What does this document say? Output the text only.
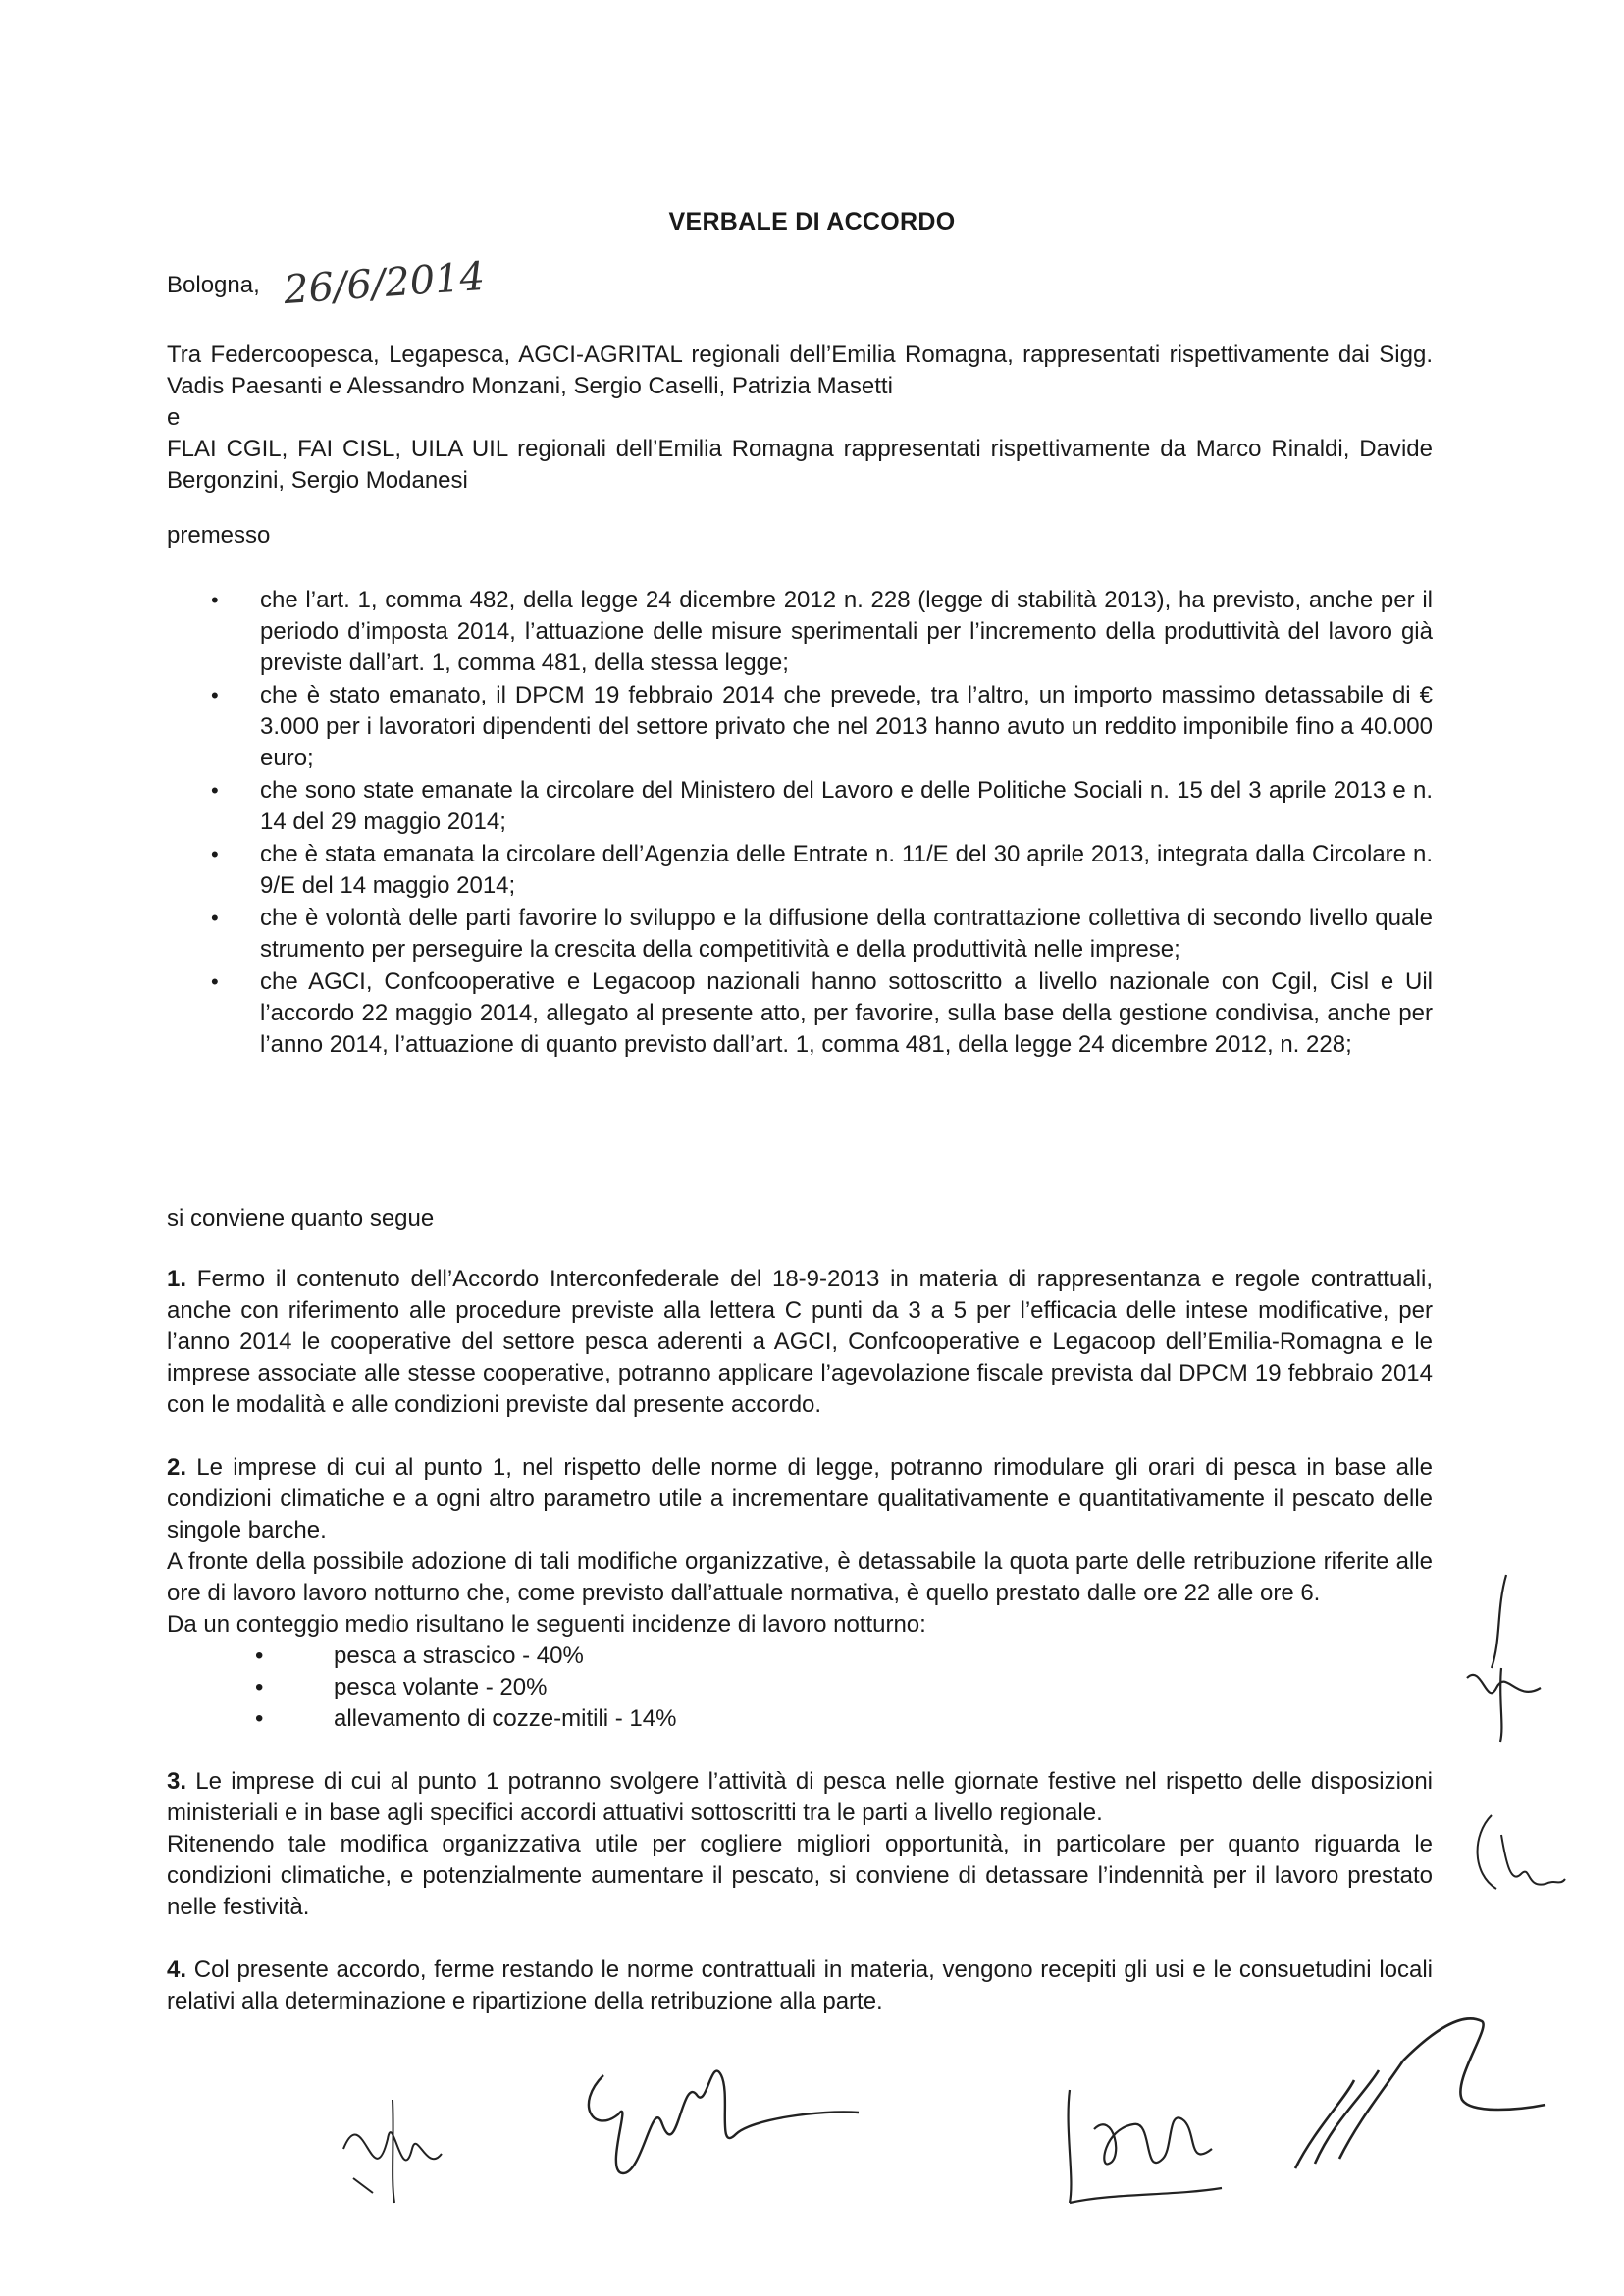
VERBALE DI ACCORDO
Bologna, 26/6/2014

Tra Federcoopesca, Legapesca, AGCI-AGRITAL regionali dell’Emilia Romagna, rappresentati rispettivamente dai Sigg. Vadis Paesanti e Alessandro Monzani, Sergio Caselli, Patrizia Masetti

e

FLAI CGIL, FAI CISL, UILA UIL regionali dell’Emilia Romagna rappresentati rispettivamente da Marco Rinaldi, Davide Bergonzini, Sergio Modanesi

premesso
• che l’art. 1, comma 482, della legge 24 dicembre 2012 n. 228 (legge di stabilità 2013), ha previsto, anche per il periodo d’imposta 2014, l’attuazione delle misure sperimentali per l’incremento della produttività del lavoro già previste dall’art. 1, comma 481, della stessa legge;
• che è stato emanato, il DPCM 19 febbraio 2014 che prevede, tra l’altro, un importo massimo detassabile di € 3.000 per i lavoratori dipendenti del settore privato che nel 2013 hanno avuto un reddito imponibile fino a 40.000 euro;
• che sono state emanate la circolare del Ministero del Lavoro e delle Politiche Sociali n. 15 del 3 aprile 2013 e n. 14 del 29 maggio 2014;
• che è stata emanata la circolare dell’Agenzia delle Entrate n. 11/E del 30 aprile 2013, integrata dalla Circolare n. 9/E del 14 maggio 2014;
• che è volontà delle parti favorire lo sviluppo e la diffusione della contrattazione collettiva di secondo livello quale strumento per perseguire la crescita della competitività e della produttività nelle imprese;
• che AGCI, Confcooperative e Legacoop nazionali hanno sottoscritto a livello nazionale con Cgil, Cisl e Uil l’accordo 22 maggio 2014, allegato al presente atto, per favorire, sulla base della gestione condivisa, anche per l’anno 2014, l’attuazione di quanto previsto dall’art. 1, comma 481, della legge 24 dicembre 2012, n. 228;
si conviene quanto segue

1. Fermo il contenuto dell’Accordo Interconfederale del 18-9-2013 in materia di rappresentanza e regole contrattuali, anche con riferimento alle procedure previste alla lettera C punti da 3 a 5 per l’efficacia delle intese modificative, per l’anno 2014 le cooperative del settore pesca aderenti a AGCI, Confcooperative e Legacoop dell’Emilia-Romagna e le imprese associate alle stesse cooperative, potranno applicare l’agevolazione fiscale prevista dal DPCM 19 febbraio 2014 con le modalità e alle condizioni previste dal presente accordo.

2. Le imprese di cui al punto 1, nel rispetto delle norme di legge, potranno rimodulare gli orari di pesca in base alle condizioni climatiche e a ogni altro parametro utile a incrementare qualitativamente e quantitativamente il pescato delle singole barche.

A fronte della possibile adozione di tali modifiche organizzative, è detassabile la quota parte delle retribuzione riferite alle ore di lavoro lavoro notturno che, come previsto dall’attuale normativa, è quello prestato dalle ore 22 alle ore 6.

Da un conteggio medio risultano le seguenti incidenze di lavoro notturno:

• pesca a strascico - 40%
• pesca volante - 20%
• allevamento di cozze-mitili - 14%

3. Le imprese di cui al punto 1 potranno svolgere l’attività di pesca nelle giornate festive nel rispetto delle disposizioni ministeriali e in base agli specifici accordi attuativi sottoscritti tra le parti a livello regionale.

Ritenendo tale modifica organizzativa utile per cogliere migliori opportunità, in particolare per quanto riguarda le condizioni climatiche, e potenzialmente aumentare il pescato, si conviene di detassare l’indennità per il lavoro prestato nelle festività.

4. Col presente accordo, ferme restando le norme contrattuali in materia, vengono recepiti gli usi e le consuetudini locali relativi alla determinazione e ripartizione della retribuzione alla parte.
